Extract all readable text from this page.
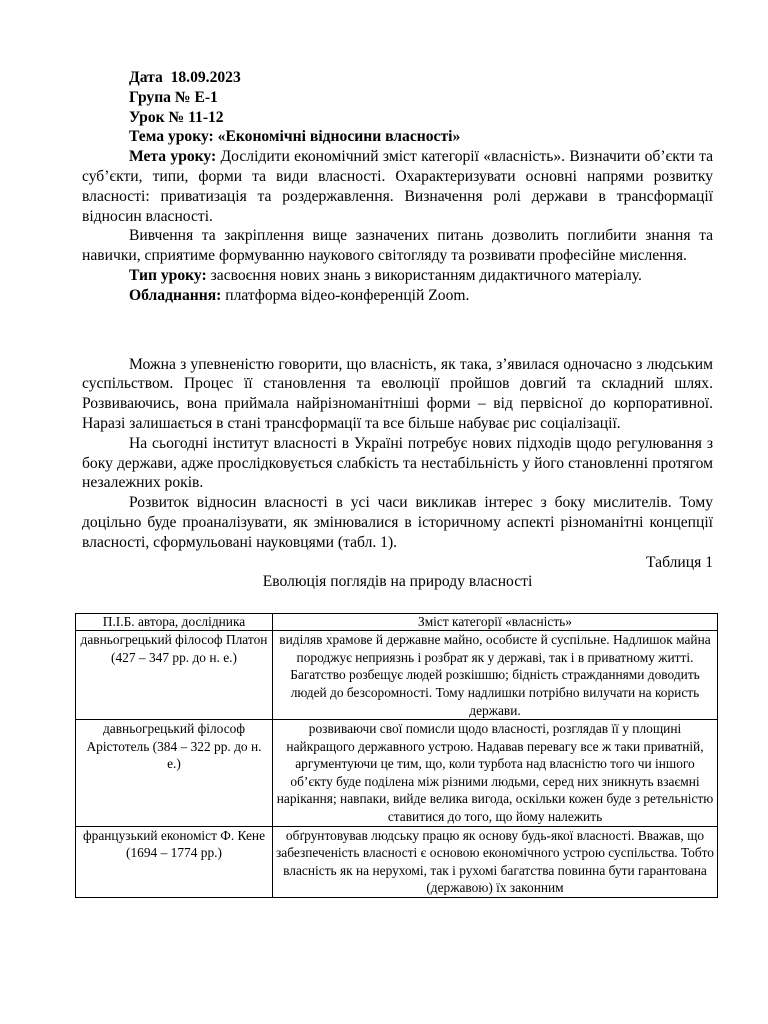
Дата 18.09.2023

Група № Е-1

Урок № 11-12

Тема уроку: «Економічні відносини власності»

Мета уроку: Дослідити економічний зміст категорії «власність». Визначити об’єкти та суб’єкти, типи, форми та види власності. Охарактеризувати основні напрями розвитку власності: приватизація та роздержавлення. Визначення ролі держави в трансформації відносин власності.

Вивчення та закріплення вище зазначених питань дозволить поглибити знання та навички, сприятиме формуванню наукового світогляду та розвивати професійне мислення.

Тип уроку: засвоєння нових знань з використанням дидактичного матеріалу.

Обладнання: платформа відео-конференцій Zoom.

Можна з упевненістю говорити, що власність, як така, з’явилася одночасно з людським суспільством. Процес її становлення та еволюції пройшов довгий та складний шлях. Розвиваючись, вона приймала найрізноманітніші форми – від первісної до корпоративної. Наразі залишається в стані трансформації та все більше набуває рис соціалізації.

На сьогодні інститут власності в Україні потребує нових підходів щодо регулювання з боку держави, адже прослідковується слабкість та нестабільність у його становленні протягом незалежних років.

Розвиток відносин власності в усі часи викликав інтерес з боку мислителів. Тому доцільно буде проаналізувати, як змінювалися в історичному аспекті різноманітні концепції власності, сформульовані науковцями (табл. 1).

Таблиця 1

Еволюція поглядів на природу власності

П.І.Б. автора, дослідника	Зміст категорії «власність»
давньогрецький філософ Платон (427 – 347 рр. до н. е.)	виділяв храмове й державне майно, особисте й суспільне. Надлишок майна породжує неприязнь і розбрат як у державі, так і в приватному житті. Багатство розбещує людей розкішшю; бідність стражданнями доводить людей до безсоромності. Тому надлишки потрібно вилучати на користь держави.
давньогрецький філософ Арістотель (384 – 322 рр. до н. е.)	розвиваючи свої помисли щодо власності, розглядав її у площині найкращого державного устрою. Надавав перевагу все ж таки приватній, аргументуючи це тим, що, коли турбота над власністю того чи іншого об’єкту буде поділена між різними людьми, серед них зникнуть взаємні нарікання; навпаки, вийде велика вигода, оскільки кожен буде з ретельністю ставитися до того, що йому належить
французький економіст Ф. Кене (1694 – 1774 рр.)	обґрунтовував людську працю як основу будь-якої власності. Вважав, що забезпеченість власності є основою економічного устрою суспільства. Тобто власність як на нерухомі, так і рухомі багатства повинна бути гарантована (державою) їх законним
